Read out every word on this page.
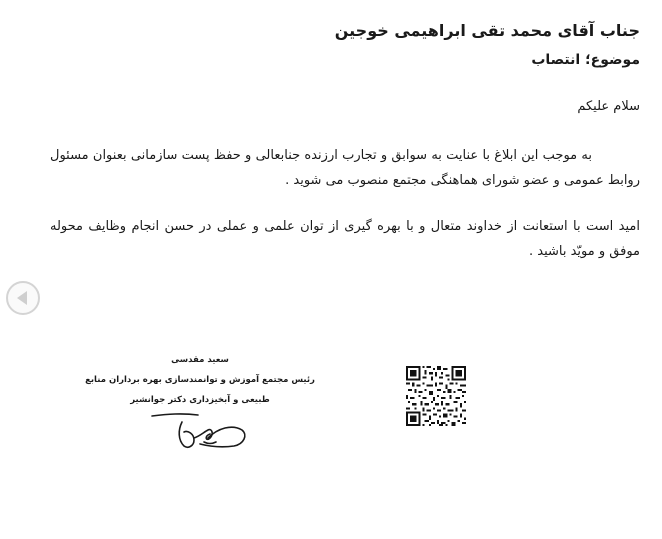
جناب آقای محمد تقی ابراهیمی خوجین
موضوع؛ انتصاب
سلام علیکم
به موجب این ابلاغ با عنایت به سوابق و تجارب ارزنده جنابعالی و حفظ پست سازمانی بعنوان مسئول روابط عمومی و عضو شورای هماهنگی مجتمع منصوب می شوید .
امید است با استعانت از خداوند متعال و با بهره گیری از توان علمی و عملی در حسن انجام وظایف محوله موفق و مویّد باشید .
سعید مقدسی
رئیس مجتمع آموزش و توانمندسازی بهره برداران منابع
طبیعی و آبخیزداری دکتر جوانشیر
